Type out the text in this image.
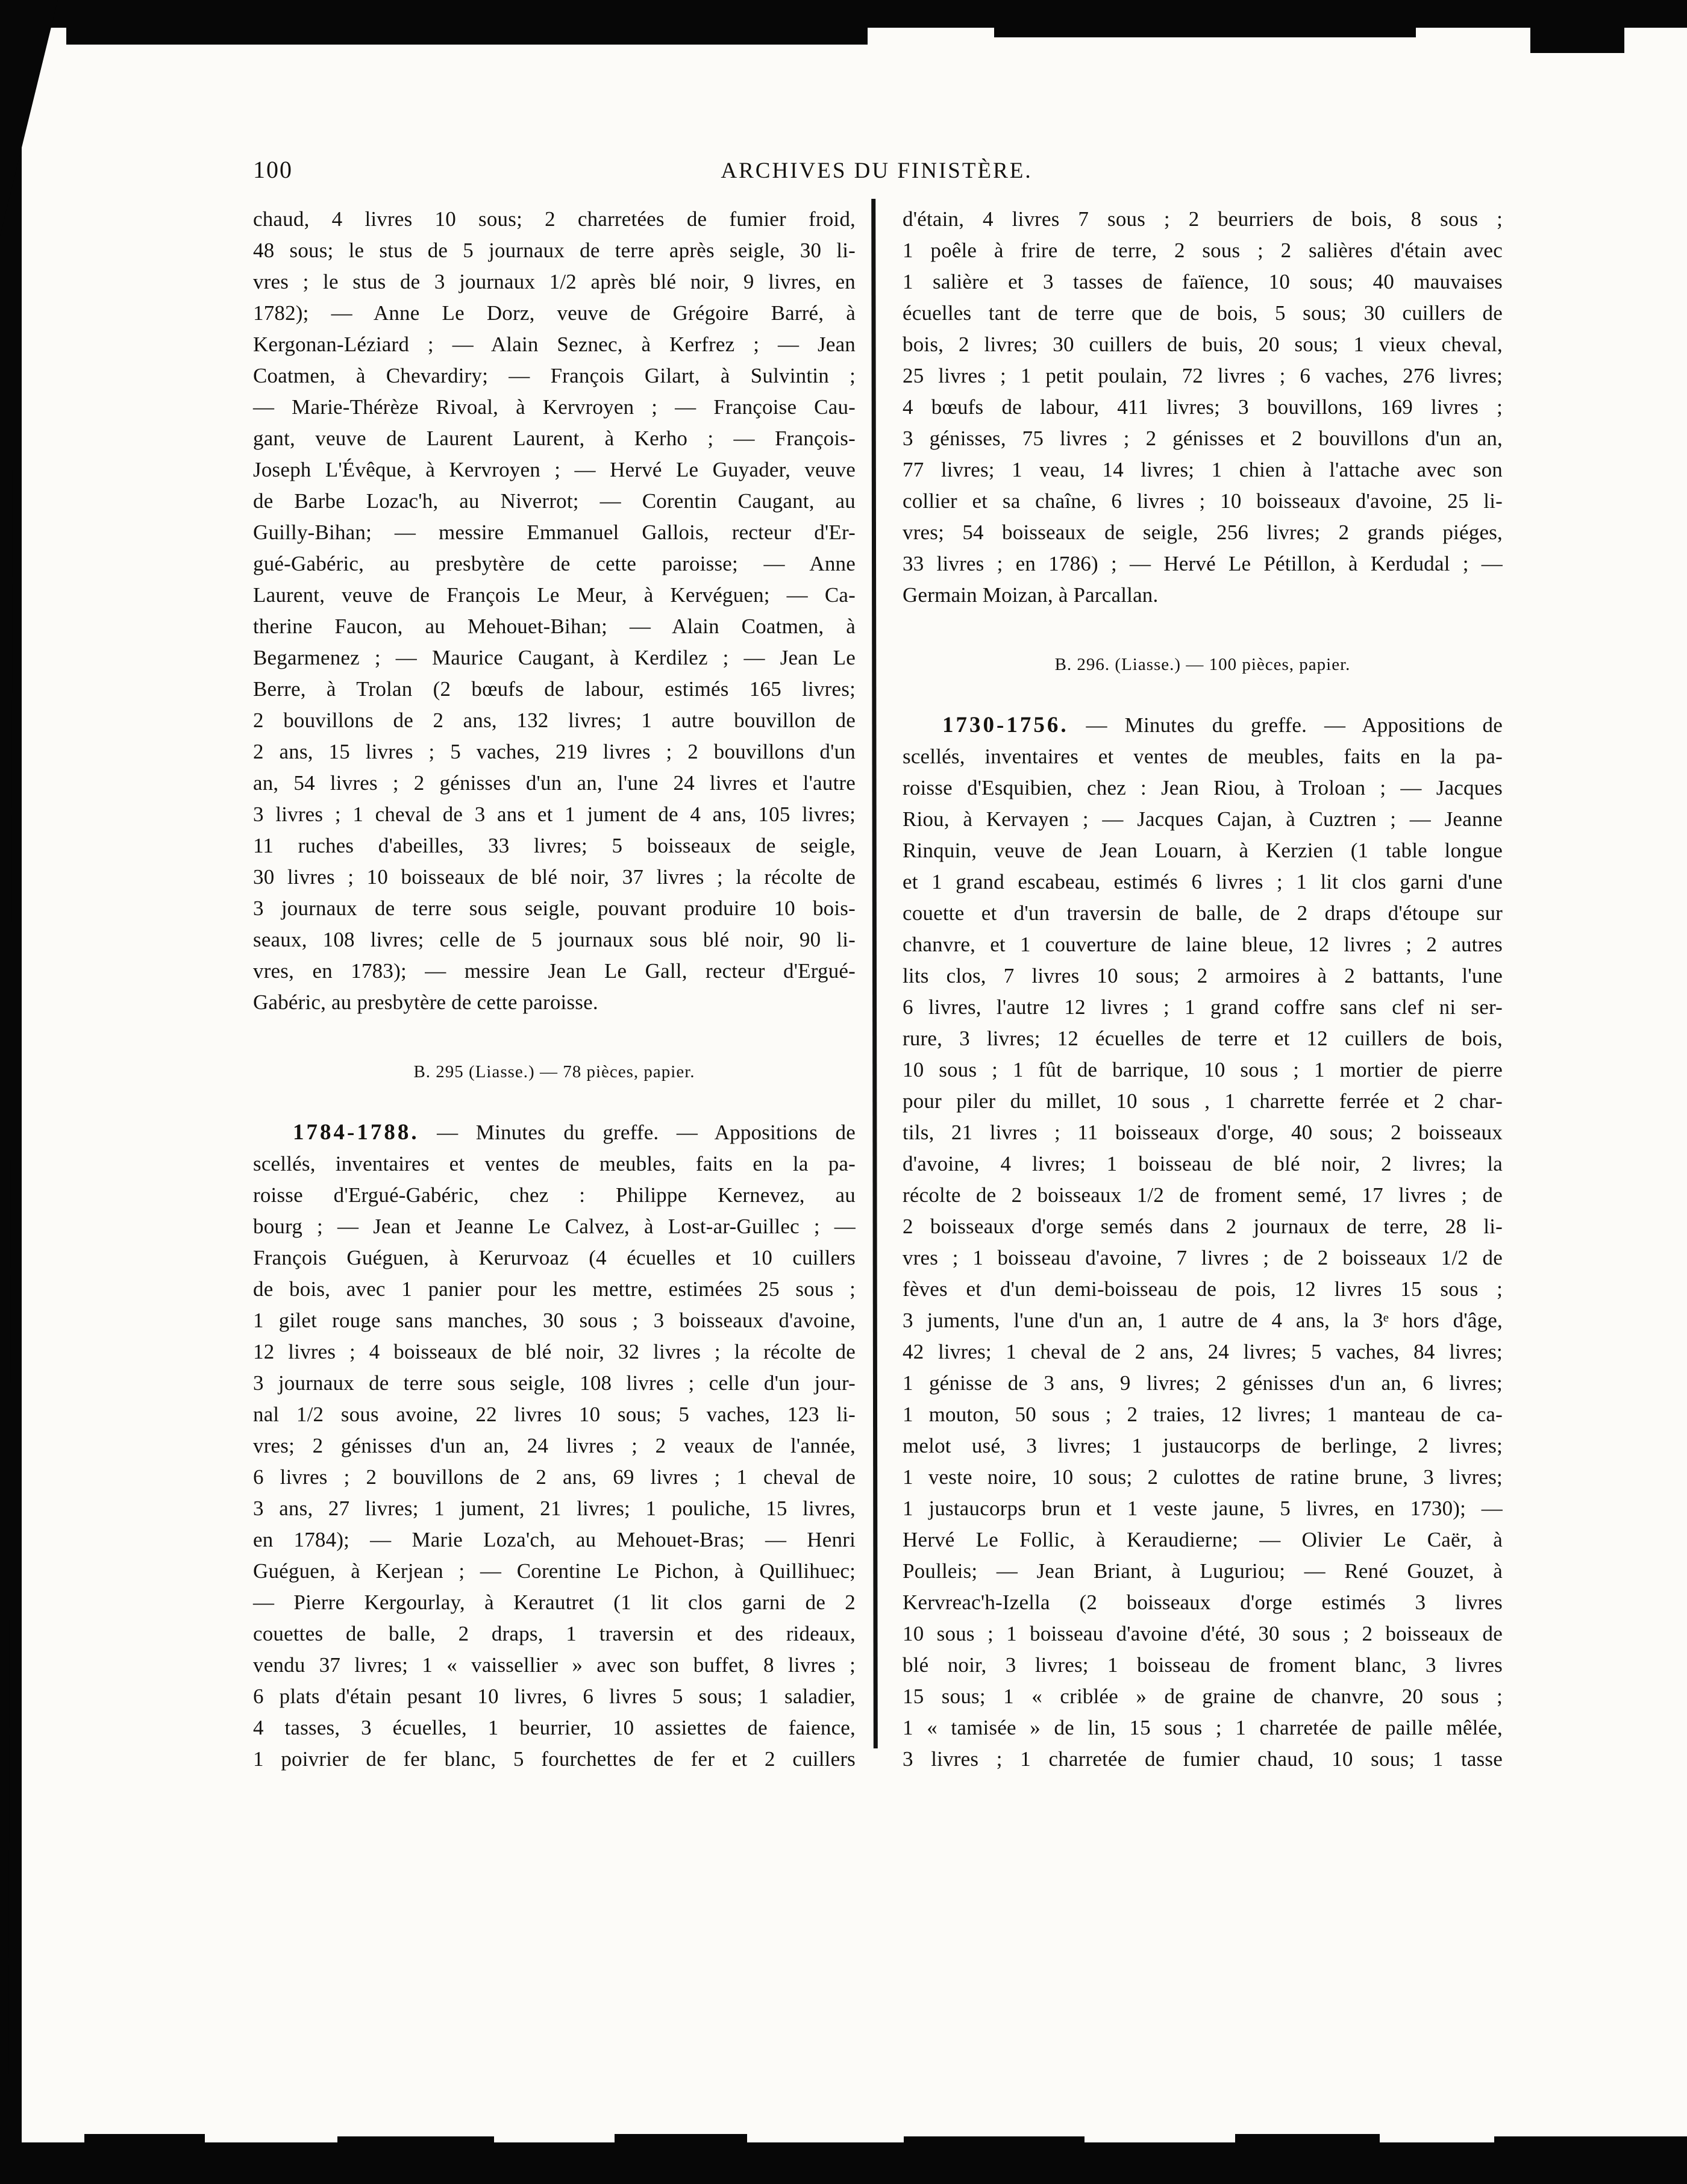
100	ARCHIVES DU FINISTÈRE.
chaud, 4 livres 10 sous; 2 charretées de fumier froid,
48 sous; le stus de 5 journaux de terre après seigle, 30 li-
vres ; le stus de 3 journaux 1/2 après blé noir, 9 livres, en
1782); — Anne Le Dorz, veuve de Grégoire Barré, à
Kergonan-Léziard ; — Alain Seznec, à Kerfrez ; — Jean
Coatmen, à Chevardiry; — François Gilart, à Sulvintin ;
— Marie-Thérèze Rivoal, à Kervroyen ; — Françoise Cau-
gant, veuve de Laurent Laurent, à Kerho ; — François-
Joseph L'Évêque, à Kervroyen ; — Hervé Le Guyader, veuve
de Barbe Lozac'h, au Niverrot; — Corentin Caugant, au
Guilly-Bihan; — messire Emmanuel Gallois, recteur d'Er-
gué-Gabéric, au presbytère de cette paroisse; — Anne
Laurent, veuve de François Le Meur, à Kervéguen; — Ca-
therine Faucon, au Mehouet-Bihan; — Alain Coatmen, à
Begarmenez ; — Maurice Caugant, à Kerdilez ; — Jean Le
Berre, à Trolan (2 bœufs de labour, estimés 165 livres;
2 bouvillons de 2 ans, 132 livres; 1 autre bouvillon de
2 ans, 15 livres ; 5 vaches, 219 livres ; 2 bouvillons d'un
an, 54 livres ; 2 génisses d'un an, l'une 24 livres et l'autre
3 livres ; 1 cheval de 3 ans et 1 jument de 4 ans, 105 livres;
11 ruches d'abeilles, 33 livres; 5 boisseaux de seigle,
30 livres ; 10 boisseaux de blé noir, 37 livres ; la récolte de
3 journaux de terre sous seigle, pouvant produire 10 bois-
seaux, 108 livres; celle de 5 journaux sous blé noir, 90 li-
vres, en 1783); — messire Jean Le Gall, recteur d'Ergué-
Gabéric, au presbytère de cette paroisse.
B. 295 (Liasse.) — 78 pièces, papier.
1784-1788. — Minutes du greffe. — Appositions de
scellés, inventaires et ventes de meubles, faits en la pa-
roisse d'Ergué-Gabéric, chez : Philippe Kernevez, au
bourg ; — Jean et Jeanne Le Calvez, à Lost-ar-Guillec ; —
François Guéguen, à Kerurvoaz (4 écuelles et 10 cuillers
de bois, avec 1 panier pour les mettre, estimées 25 sous ;
1 gilet rouge sans manches, 30 sous ; 3 boisseaux d'avoine,
12 livres ; 4 boisseaux de blé noir, 32 livres ; la récolte de
3 journaux de terre sous seigle, 108 livres ; celle d'un jour-
nal 1/2 sous avoine, 22 livres 10 sous; 5 vaches, 123 li-
vres; 2 génisses d'un an, 24 livres ; 2 veaux de l'année,
6 livres ; 2 bouvillons de 2 ans, 69 livres ; 1 cheval de
3 ans, 27 livres; 1 jument, 21 livres; 1 pouliche, 15 livres,
en 1784); — Marie Loza'ch, au Mehouet-Bras; — Henri
Guéguen, à Kerjean ; — Corentine Le Pichon, à Quillihuec;
— Pierre Kergourlay, à Kerautret (1 lit clos garni de 2
couettes de balle, 2 draps, 1 traversin et des rideaux,
vendu 37 livres; 1 « vaissellier » avec son buffet, 8 livres ;
6 plats d'étain pesant 10 livres, 6 livres 5 sous; 1 saladier,
4 tasses, 3 écuelles, 1 beurrier, 10 assiettes de faience,
1 poivrier de fer blanc, 5 fourchettes de fer et 2 cuillers
d'étain, 4 livres 7 sous ; 2 beurriers de bois, 8 sous ;
1 poêle à frire de terre, 2 sous ; 2 salières d'étain avec
1 salière et 3 tasses de faïence, 10 sous; 40 mauvaises
écuelles tant de terre que de bois, 5 sous; 30 cuillers de
bois, 2 livres; 30 cuillers de buis, 20 sous; 1 vieux cheval,
25 livres ; 1 petit poulain, 72 livres ; 6 vaches, 276 livres;
4 bœufs de labour, 411 livres; 3 bouvillons, 169 livres ;
3 génisses, 75 livres ; 2 génisses et 2 bouvillons d'un an,
77 livres; 1 veau, 14 livres; 1 chien à l'attache avec son
collier et sa chaîne, 6 livres ; 10 boisseaux d'avoine, 25 li-
vres; 54 boisseaux de seigle, 256 livres; 2 grands piéges,
33 livres ; en 1786) ; — Hervé Le Pétillon, à Kerdudal ; —
Germain Moizan, à Parcallan.
B. 296. (Liasse.) — 100 pièces, papier.
1730-1756. — Minutes du greffe. — Appositions de
scellés, inventaires et ventes de meubles, faits en la pa-
roisse d'Esquibien, chez : Jean Riou, à Troloan ; — Jacques
Riou, à Kervayen ; — Jacques Cajan, à Cuztren ; — Jeanne
Rinquin, veuve de Jean Louarn, à Kerzien (1 table longue
et 1 grand escabeau, estimés 6 livres ; 1 lit clos garni d'une
couette et d'un traversin de balle, de 2 draps d'étoupe sur
chanvre, et 1 couverture de laine bleue, 12 livres ; 2 autres
lits clos, 7 livres 10 sous; 2 armoires à 2 battants, l'une
6 livres, l'autre 12 livres ; 1 grand coffre sans clef ni ser-
rure, 3 livres; 12 écuelles de terre et 12 cuillers de bois,
10 sous ; 1 fût de barrique, 10 sous ; 1 mortier de pierre
pour piler du millet, 10 sous , 1 charrette ferrée et 2 char-
tils, 21 livres ; 11 boisseaux d'orge, 40 sous; 2 boisseaux
d'avoine, 4 livres; 1 boisseau de blé noir, 2 livres; la
récolte de 2 boisseaux 1/2 de froment semé, 17 livres ; de
2 boisseaux d'orge semés dans 2 journaux de terre, 28 li-
vres ; 1 boisseau d'avoine, 7 livres ; de 2 boisseaux 1/2 de
fèves et d'un demi-boisseau de pois, 12 livres 15 sous ;
3 juments, l'une d'un an, 1 autre de 4 ans, la 3ᵉ hors d'âge,
42 livres; 1 cheval de 2 ans, 24 livres; 5 vaches, 84 livres;
1 génisse de 3 ans, 9 livres; 2 génisses d'un an, 6 livres;
1 mouton, 50 sous ; 2 traies, 12 livres; 1 manteau de ca-
melot usé, 3 livres; 1 justaucorps de berlinge, 2 livres;
1 veste noire, 10 sous; 2 culottes de ratine brune, 3 livres;
1 justaucorps brun et 1 veste jaune, 5 livres, en 1730); —
Hervé Le Follic, à Keraudierne; — Olivier Le Caër, à
Poulleis; — Jean Briant, à Luguriou; — René Gouzet, à
Kervreac'h-Izella (2 boisseaux d'orge estimés 3 livres
10 sous ; 1 boisseau d'avoine d'été, 30 sous ; 2 boisseaux de
blé noir, 3 livres; 1 boisseau de froment blanc, 3 livres
15 sous; 1 « criblée » de graine de chanvre, 20 sous ;
1 « tamisée » de lin, 15 sous ; 1 charretée de paille mêlée,
3 livres ; 1 charretée de fumier chaud, 10 sous; 1 tasse
